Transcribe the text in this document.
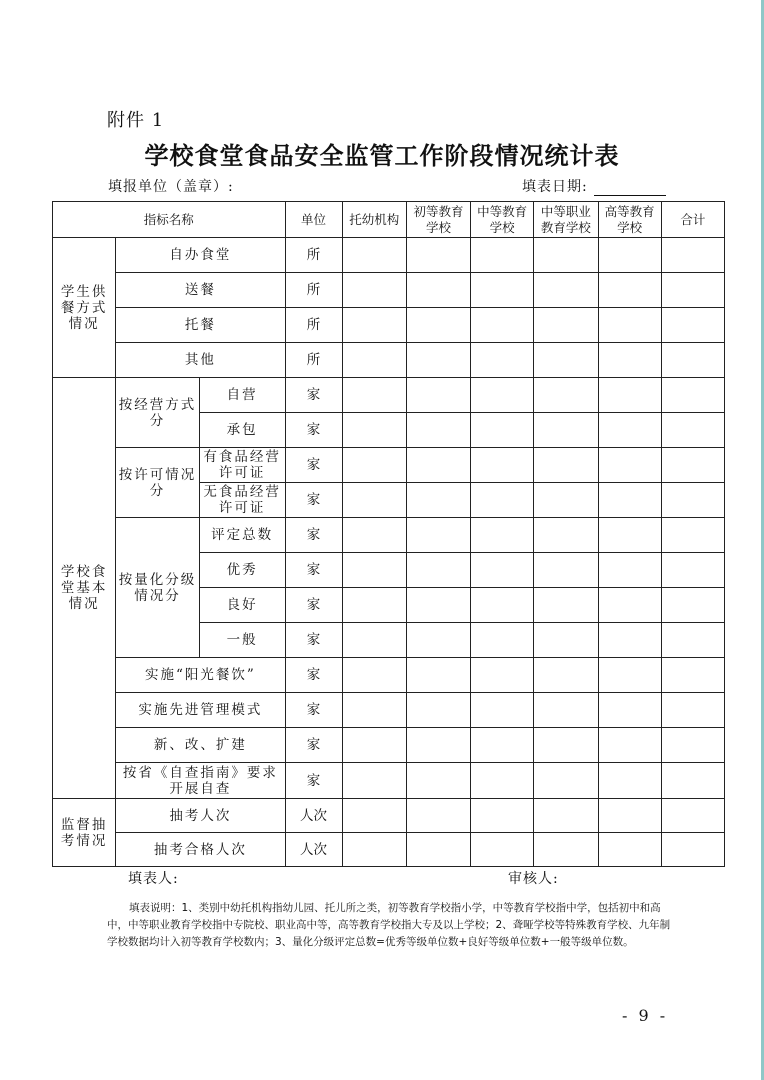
附件 1
学校食堂食品安全监管工作阶段情况统计表
填报单位（盖章）:	填表日期:
指标名称			单位	托幼机构	初等教育学校	中等教育学校	中等职业教育学校	高等教育学校	合计
学生供餐方式情况	自办食堂		所						
	送餐		所						
	托餐		所						
	其他		所						
学校食堂基本情况	按经营方式分	自营	家						
		承包	家						
	按许可情况分	有食品经营许可证	家						
		无食品经营许可证	家						
	按量化分级情况分	评定总数	家						
		优秀	家						
		良好	家						
		一般	家						
	实施“阳光餐饮”		家						
	实施先进管理模式		家						
	新、改、扩建		家						
	按省《自查指南》要求开展自查		家						
监督抽考情况	抽考人次		人次						
	抽考合格人次		人次						
填表人:	审核人:
填表说明：1、类别中幼托机构指幼儿园、托儿所之类，初等教育学校指小学，中等教育学校指中学，包括初中和高中，中等职业教育学校指中专院校、职业高中等，高等教育学校指大专及以上学校；2、聋哑学校等特殊教育学校、九年制学校数据均计入初等教育学校数内；3、量化分级评定总数=优秀等级单位数+良好等级单位数+一般等级单位数。
- 9 -
